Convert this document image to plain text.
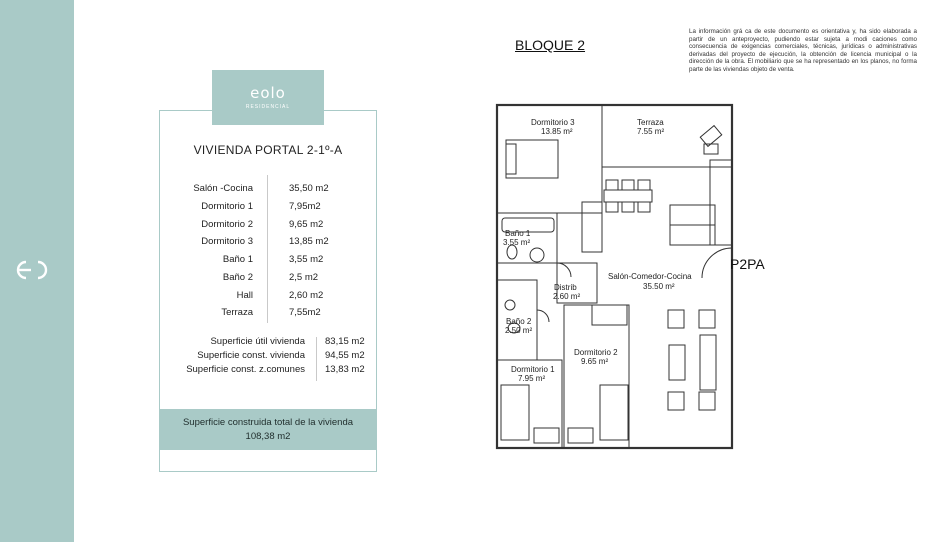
eolo
RESIDENCIAL
VIVIENDA PORTAL 2-1º-A
Salón -Cocina	35,50 m2
Dormitorio 1	7,95m2
Dormitorio 2	9,65 m2
Dormitorio 3	13,85 m2
Baño 1	3,55 m2
Baño 2	2,5 m2
Hall	2,60 m2
Terraza	7,55m2
Superficie útil vivienda 83,15 m2
Superficie const. vivienda 94,55 m2
Superficie const. z.comunes 13,83 m2
Superficie construida total de la vivienda
108,38 m2
BLOQUE 2
La información grá ca de este documento es orientativa y, ha sido elaborada a partir de un anteproyecto, pudiendo estar sujeta a modi caciones como consecuencia de exigencias comerciales, técnicas, jurídicas o administrativas derivadas del proyecto de ejecución, la obtención de licencia municipal o la dirección de la obra. El mobiliario que se ha representado en los planos, no forma parte de las viviendas objeto de venta.
Dormitorio 3
13.85 m²
Terraza
7.55 m²
Baño 1
3.55 m²
Distrib
2.60 m²
Salón-Comedor-Cocina
35.50 m²
Baño 2
2.50 m²
Dormitorio 2
9.65 m²
Dormitorio 1
7.95 m²
P2PA
